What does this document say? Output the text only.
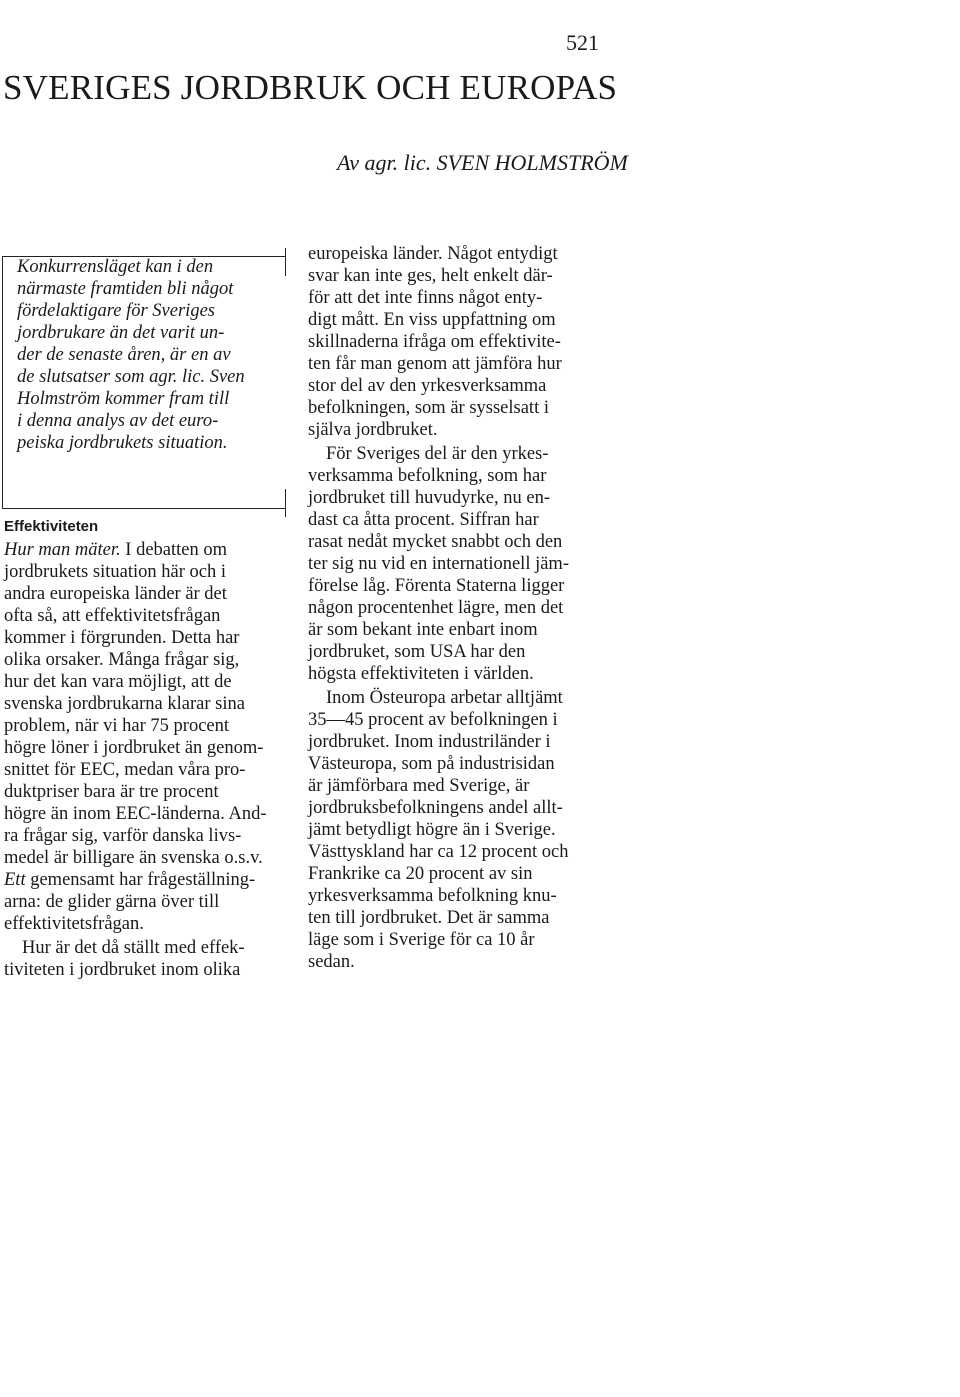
521
SVERIGES JORDBRUK OCH EUROPAS
Av agr. lic. SVEN HOLMSTRÖM
Konkurrensläget kan i den
närmaste framtiden bli något
fördelaktigare för Sveriges
jordbrukare än det varit un-
der de senaste åren, är en av
de slutsatser som agr. lic. Sven
Holmström kommer fram till
i denna analys av det euro-
peiska jordbrukets situation.
Effektiviteten
Hur man mäter. I debatten om
jordbrukets situation här och i
andra europeiska länder är det
ofta så, att effektivitetsfrågan
kommer i förgrunden. Detta har
olika orsaker. Många frågar sig,
hur det kan vara möjligt, att de
svenska jordbrukarna klarar sina
problem, när vi har 75 procent
högre löner i jordbruket än genom-
snittet för EEC, medan våra pro-
duktpriser bara är tre procent
högre än inom EEC-länderna. And-
ra frågar sig, varför danska livs-
medel är billigare än svenska o.s.v.
Ett gemensamt har frågeställning-
arna: de glider gärna över till
effektivitetsfrågan.
Hur är det då ställt med effek-
tiviteten i jordbruket inom olika
europeiska länder. Något entydigt
svar kan inte ges, helt enkelt där-
för att det inte finns något enty-
digt mått. En viss uppfattning om
skillnaderna ifråga om effektivite-
ten får man genom att jämföra hur
stor del av den yrkesverksamma
befolkningen, som är sysselsatt i
själva jordbruket.
För Sveriges del är den yrkes-
verksamma befolkning, som har
jordbruket till huvudyrke, nu en-
dast ca åtta procent. Siffran har
rasat nedåt mycket snabbt och den
ter sig nu vid en internationell jäm-
förelse låg. Förenta Staterna ligger
någon procentenhet lägre, men det
är som bekant inte enbart inom
jordbruket, som USA har den
högsta effektiviteten i världen.
Inom Östeuropa arbetar alltjämt
35—45 procent av befolkningen i
jordbruket. Inom industriländer i
Västeuropa, som på industrisidan
är jämförbara med Sverige, är
jordbruksbefolkningens andel allt-
jämt betydligt högre än i Sverige.
Västtyskland har ca 12 procent och
Frankrike ca 20 procent av sin
yrkesverksamma befolkning knu-
ten till jordbruket. Det är samma
läge som i Sverige för ca 10 år
sedan.
